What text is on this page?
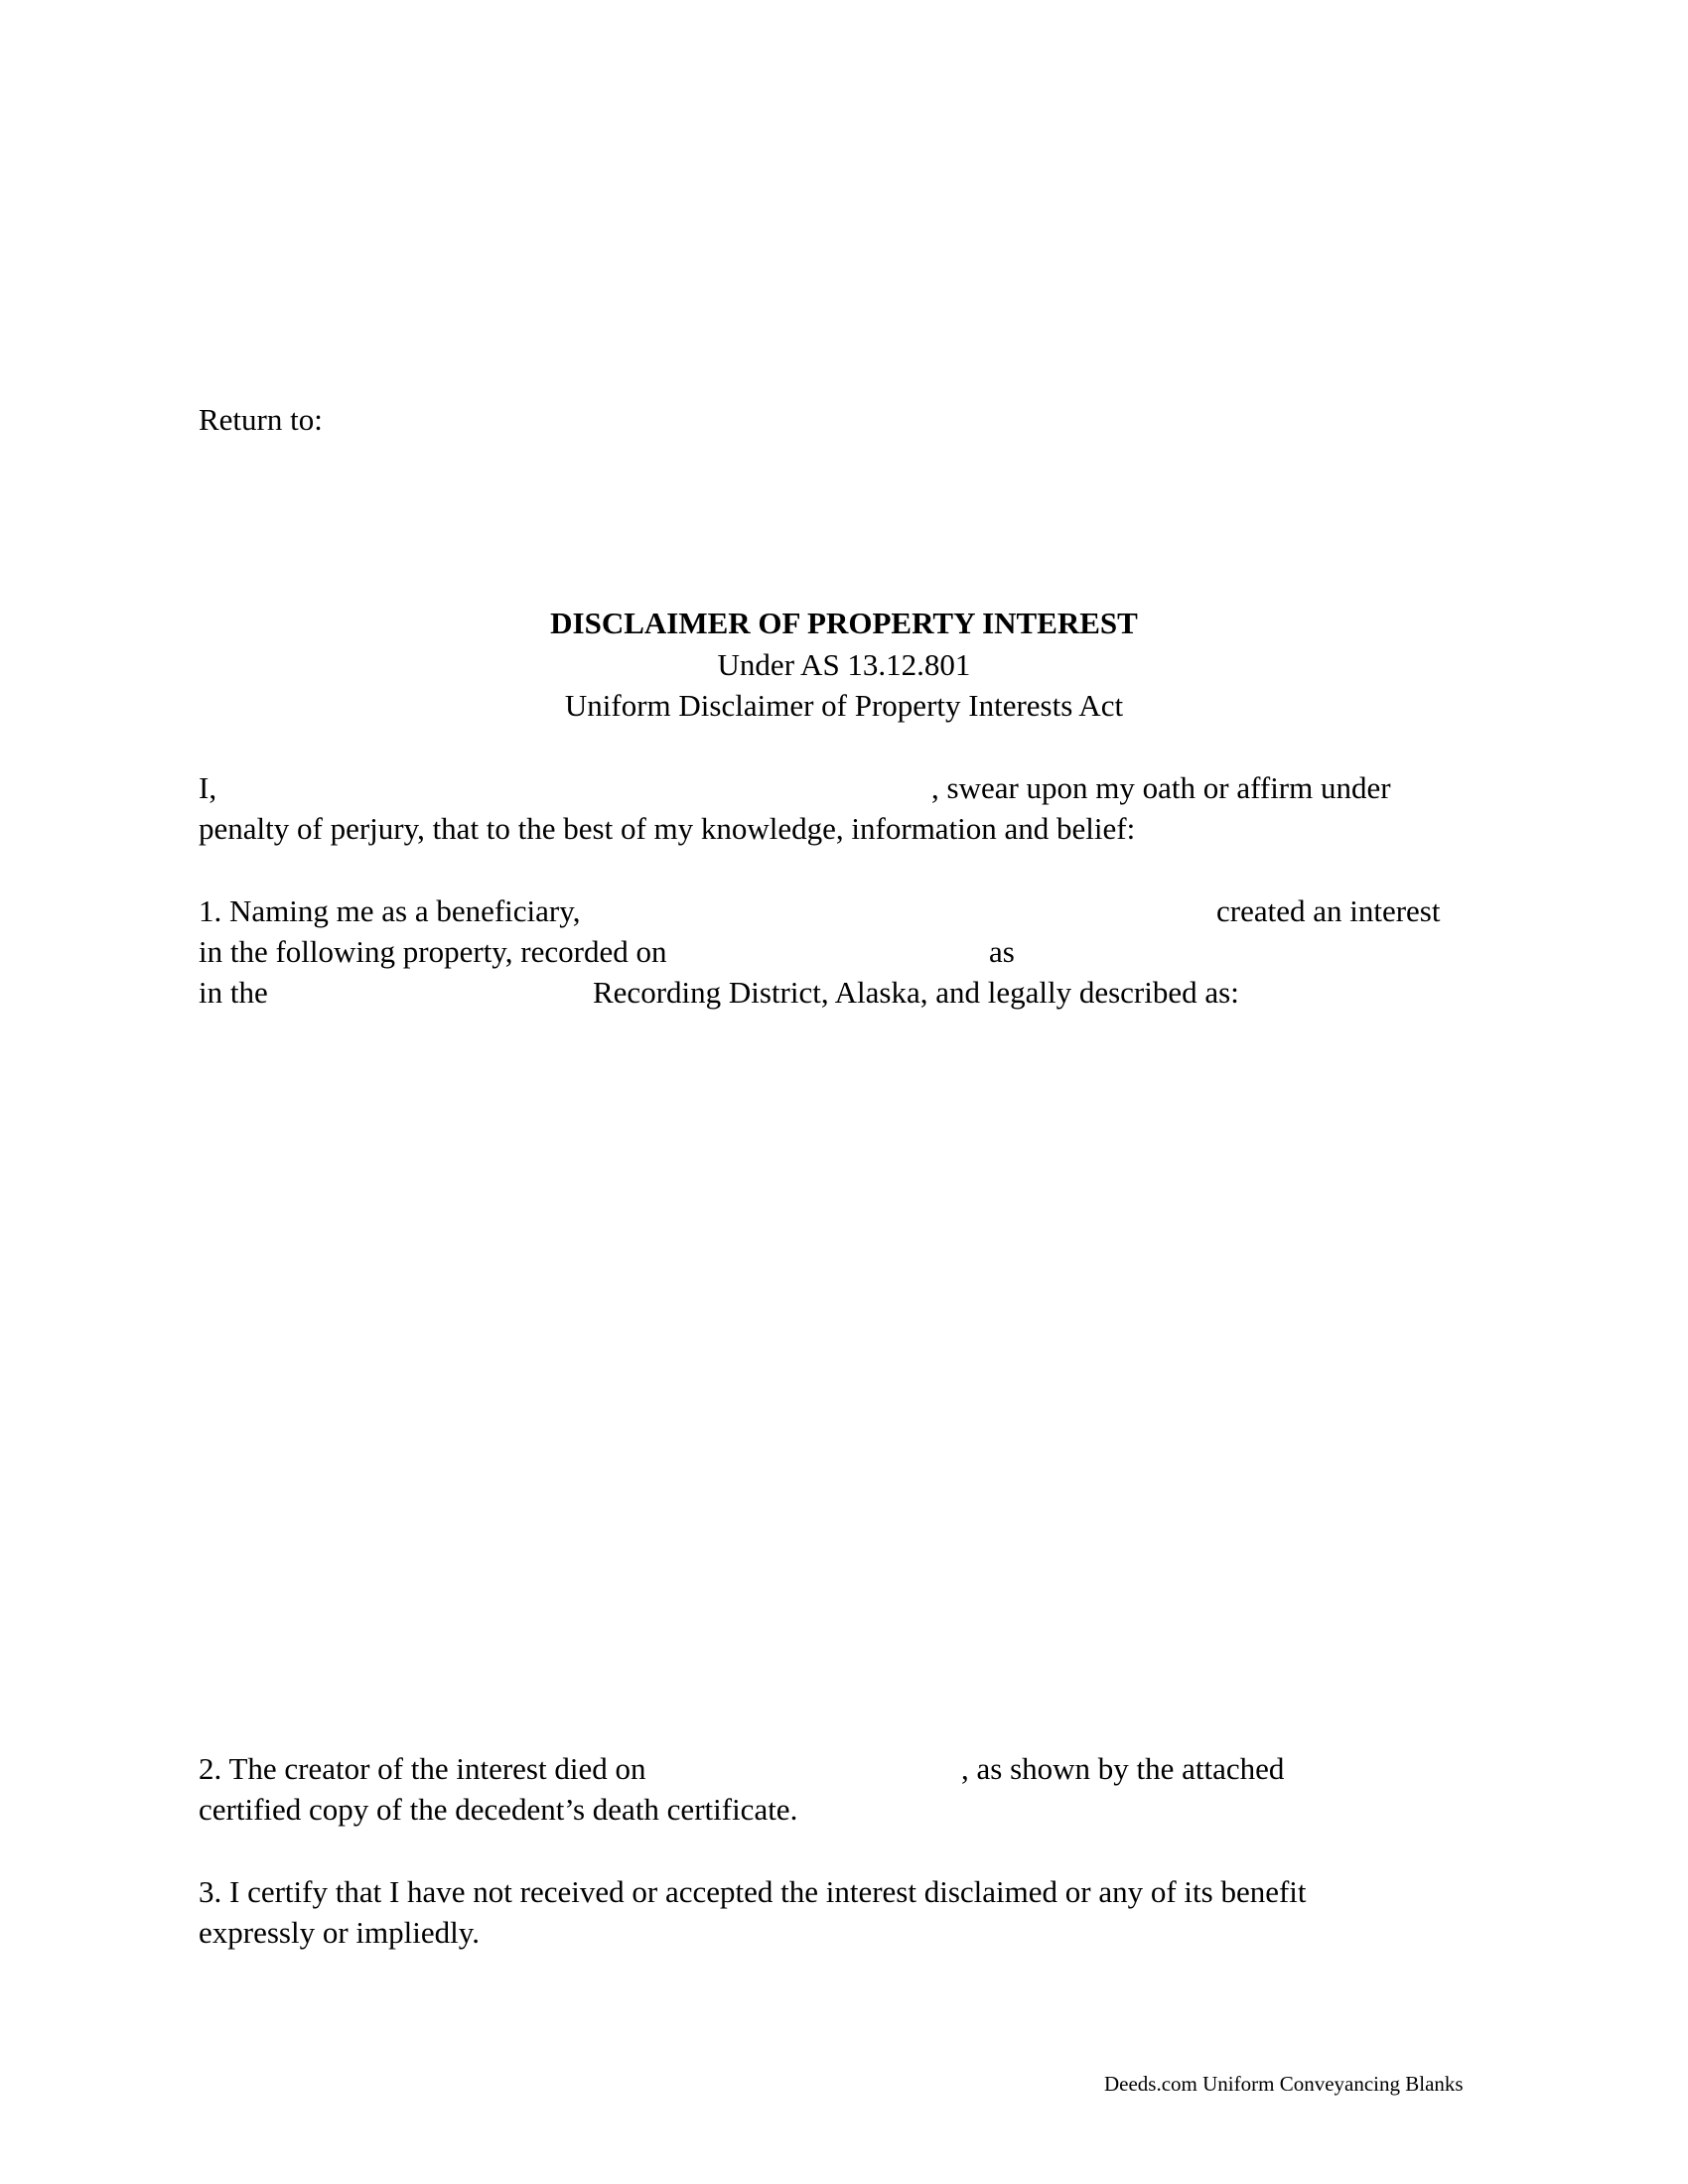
Return to:
DISCLAIMER OF PROPERTY INTEREST
Under AS 13.12.801
Uniform Disclaimer of Property Interests Act
I,	, swear upon my oath or affirm under
penalty of perjury, that to the best of my knowledge, information and belief:
1. Naming me as a beneficiary,	created an interest
in the following property, recorded on	as
in the	Recording District, Alaska, and legally described as:
2. The creator of the interest died on	, as shown by the attached
certified copy of the decedent’s death certificate.
3. I certify that I have not received or accepted the interest disclaimed or any of its benefit
expressly or impliedly.
Deeds.com Uniform Conveyancing Blanks
